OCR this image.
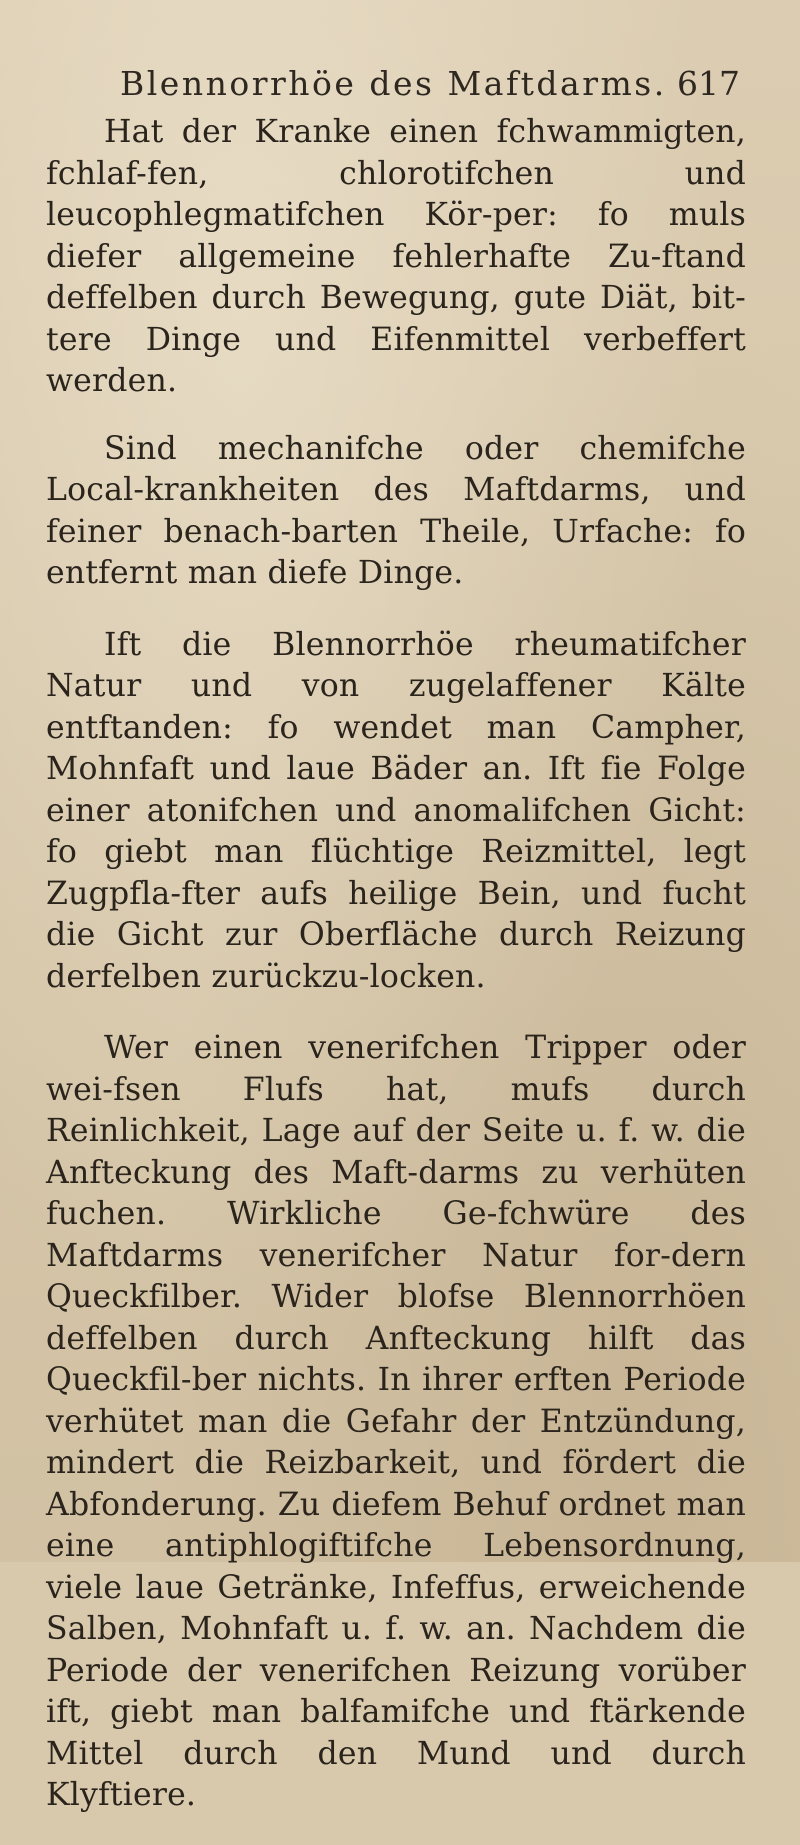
Blennorrhöe des Maftdarms. 617

Hat der Kranke einen fchwammigten, fchlaf-fen, chlorotifchen und leucophlegmatifchen Kör-per: fo muls diefer allgemeine fehlerhafte Zu-ftand deffelben durch Bewegung, gute Diät, bit-tere Dinge und Eifenmittel verbeffert werden.

Sind mechanifche oder chemifche Local-krankheiten des Maftdarms, und feiner benach-barten Theile, Urfache: fo entfernt man diefe Dinge.

Ift die Blennorrhöe rheumatifcher Natur und von zugelaffener Kälte entftanden: fo wendet man Campher, Mohnfaft und laue Bäder an. Ift fie Folge einer atonifchen und anomalifchen Gicht: fo giebt man flüchtige Reizmittel, legt Zugpfla-fter aufs heilige Bein, und fucht die Gicht zur Oberfläche durch Reizung derfelben zurückzu-locken.

Wer einen venerifchen Tripper oder wei-fsen Flufs hat, mufs durch Reinlichkeit, Lage auf der Seite u. f. w. die Anfteckung des Maft-darms zu verhüten fuchen. Wirkliche Ge-fchwüre des Maftdarms venerifcher Natur for-dern Queckfilber. Wider blofse Blennorrhöen deffelben durch Anfteckung hilft das Queckfil-ber nichts. In ihrer erften Periode verhütet man die Gefahr der Entzündung, mindert die Reizbarkeit, und fördert die Abfonderung. Zu diefem Behuf ordnet man eine antiphlogiftifche Lebensordnung, viele laue Getränke, Infeffus, erweichende Salben, Mohnfaft u. f. w. an. Nachdem die Periode der venerifchen Reizung vorüber ift, giebt man balfamifche und ftärkende Mittel durch den Mund und durch Klyftiere.
